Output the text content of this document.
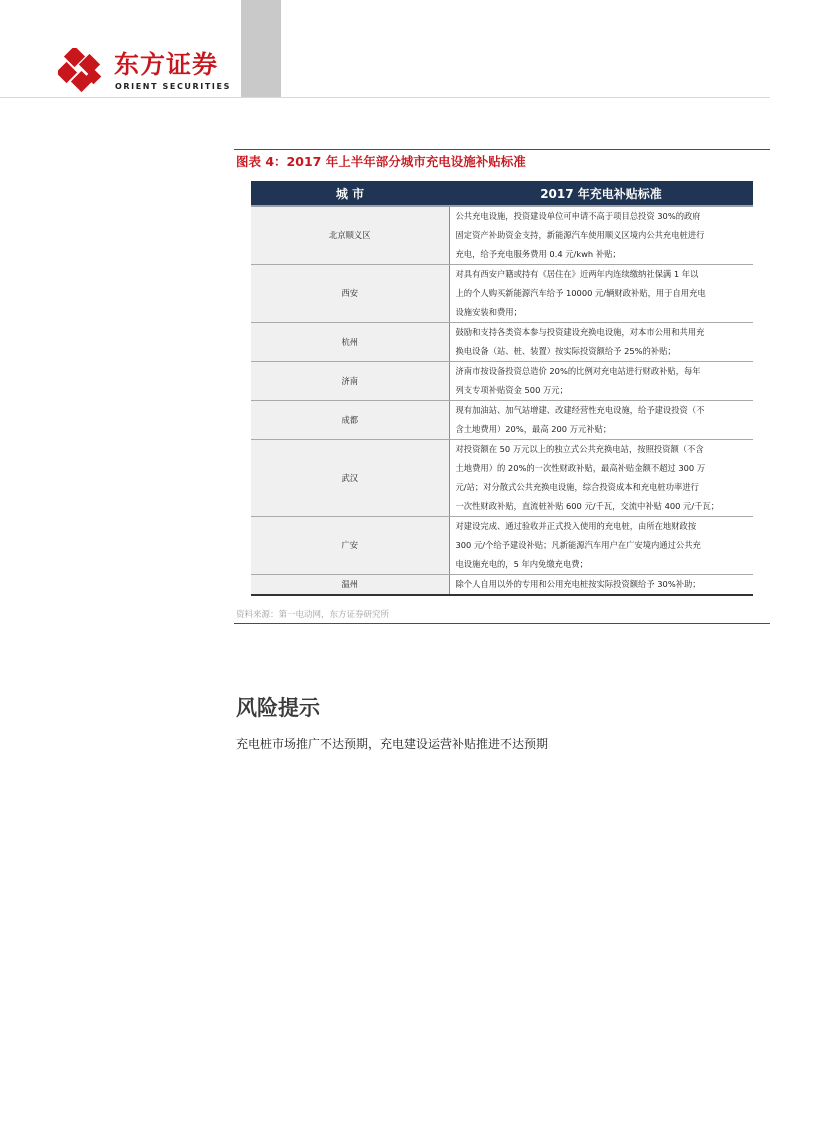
东方证券
ORIENT SECURITIES
图表 4：2017 年上半年部分城市充电设施补贴标准
城 市	2017 年充电补贴标准
北京顺义区	公共充电设施，投资建设单位可申请不高于项目总投资 30%的政府
固定资产补助资金支持，新能源汽车使用顺义区境内公共充电桩进行
充电，给予充电服务费用 0.4 元/kwh 补贴；

西安	对具有西安户籍或持有《居住在》近两年内连续缴纳社保满 1 年以
上的个人购买新能源汽车给予 10000 元/辆财政补贴，用于自用充电
设施安装和费用；

杭州	鼓励和支持各类资本参与投资建设充换电设施，对本市公用和共用充
换电设备（站、桩、装置）按实际投资额给予 25%的补贴；

济南	济南市按设备投资总造价 20%的比例对充电站进行财政补贴，每年
列支专项补贴资金 500 万元；

成都	现有加油站、加气站增建、改建经营性充电设施，给予建设投资（不
含土地费用）20%，最高 200 万元补贴；

武汉	对投资额在 50 万元以上的独立式公共充换电站，按照投资额（不含
土地费用）的 20%的一次性财政补贴，最高补贴金额不超过 300 万
元/站；对分散式公共充换电设施，综合投资成本和充电桩功率进行
一次性财政补贴，直流桩补贴 600 元/千瓦，交流中补贴 400 元/千瓦；

广安	对建设完成、通过验收并正式投入使用的充电桩，由所在地财政按
300 元/个给予建设补贴；凡新能源汽车用户在广安境内通过公共充
电设施充电的，5 年内免缴充电费；

温州	除个人自用以外的专用和公用充电桩按实际投资额给予 30%补助；
资料来源：第一电动网，东方证券研究所
风险提示
充电桩市场推广不达预期，充电建设运营补贴推进不达预期
